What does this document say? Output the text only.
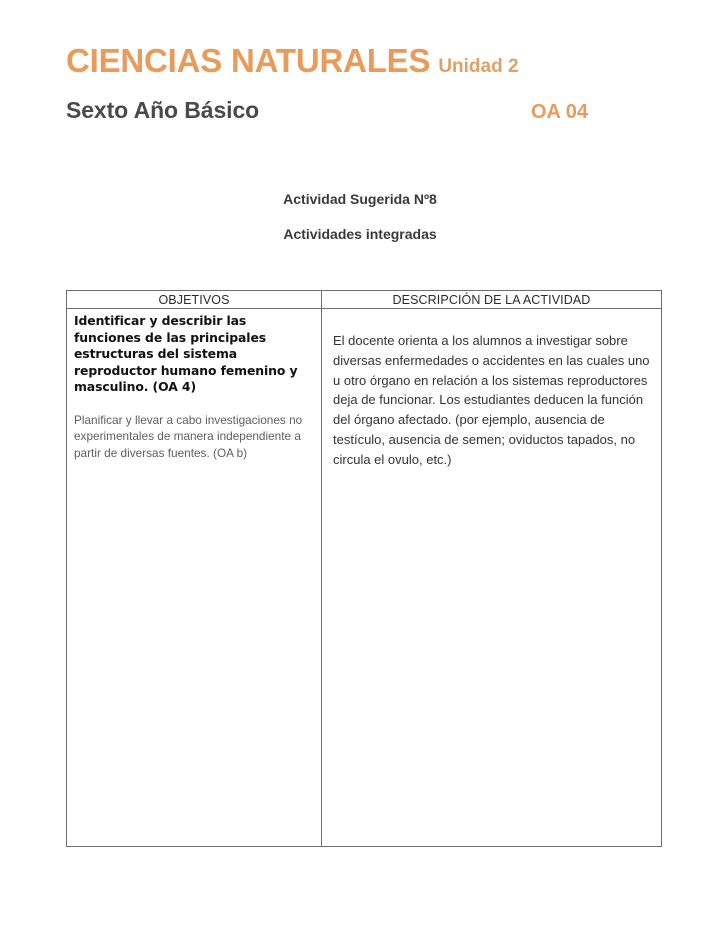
CIENCIAS NATURALES Unidad 2
Sexto Año Básico	OA 04
Actividad Sugerida Nº8
Actividades integradas
OBJETIVOS	DESCRIPCIÓN DE LA ACTIVIDAD

Identificar y describir las funciones de las principales estructuras del sistema reproductor humano femenino y masculino. (OA 4)

Planificar y llevar a cabo investigaciones no experimentales de manera independiente a partir de diversas fuentes. (OA b)

El docente orienta a los alumnos a investigar sobre diversas enfermedades o accidentes en las cuales uno u otro órgano en relación a los sistemas reproductores deja de funcionar. Los estudiantes deducen la función del órgano afectado. (por ejemplo, ausencia de testículo, ausencia de semen; oviductos tapados, no circula el ovulo, etc.)
